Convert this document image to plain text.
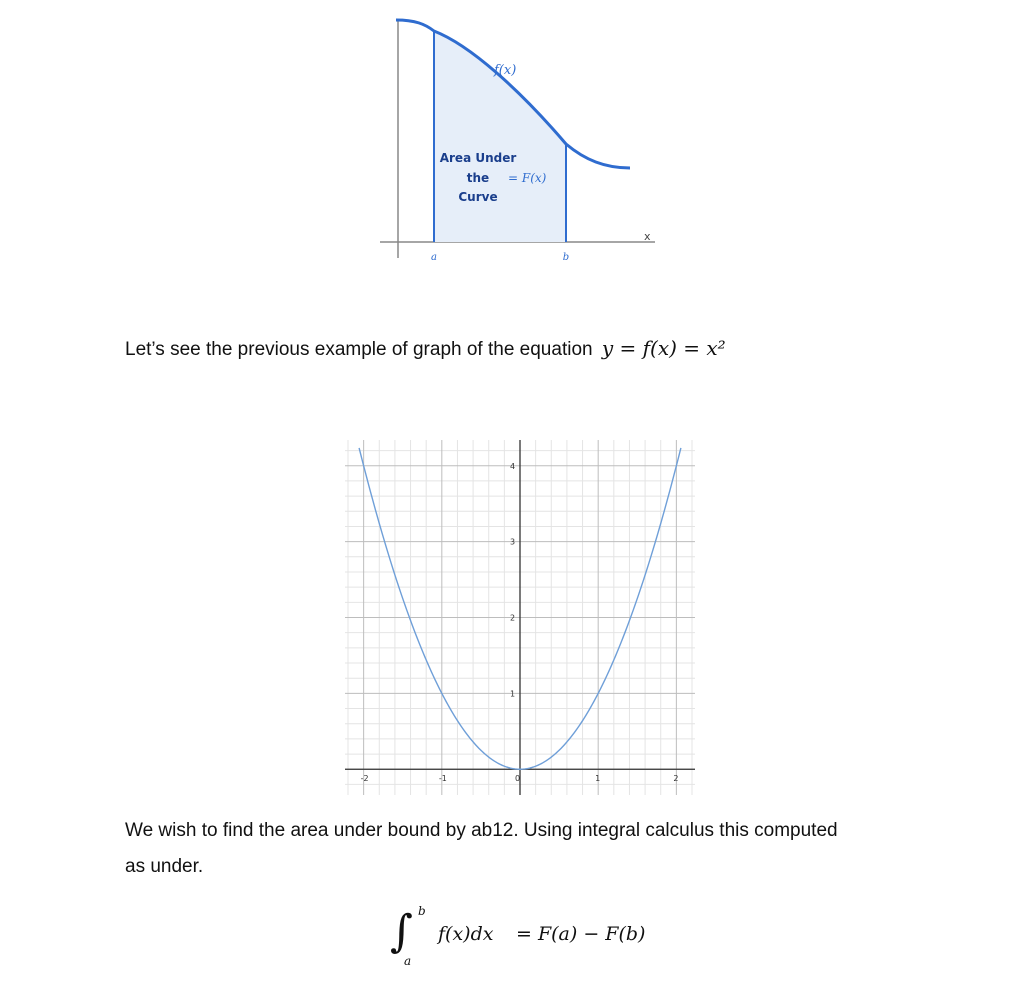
f(x)
Area Under
the
Curve
= F(x)
x
a	b
Let’s see the previous example of graph of the equation y = f(x) = x²
-2	-1	0	1	2
1
2
3
4
We wish to find the area under bound by ab12. Using integral calculus this computed
as under.
∫ b
a
f(x)dx = F(a) − F(b)
